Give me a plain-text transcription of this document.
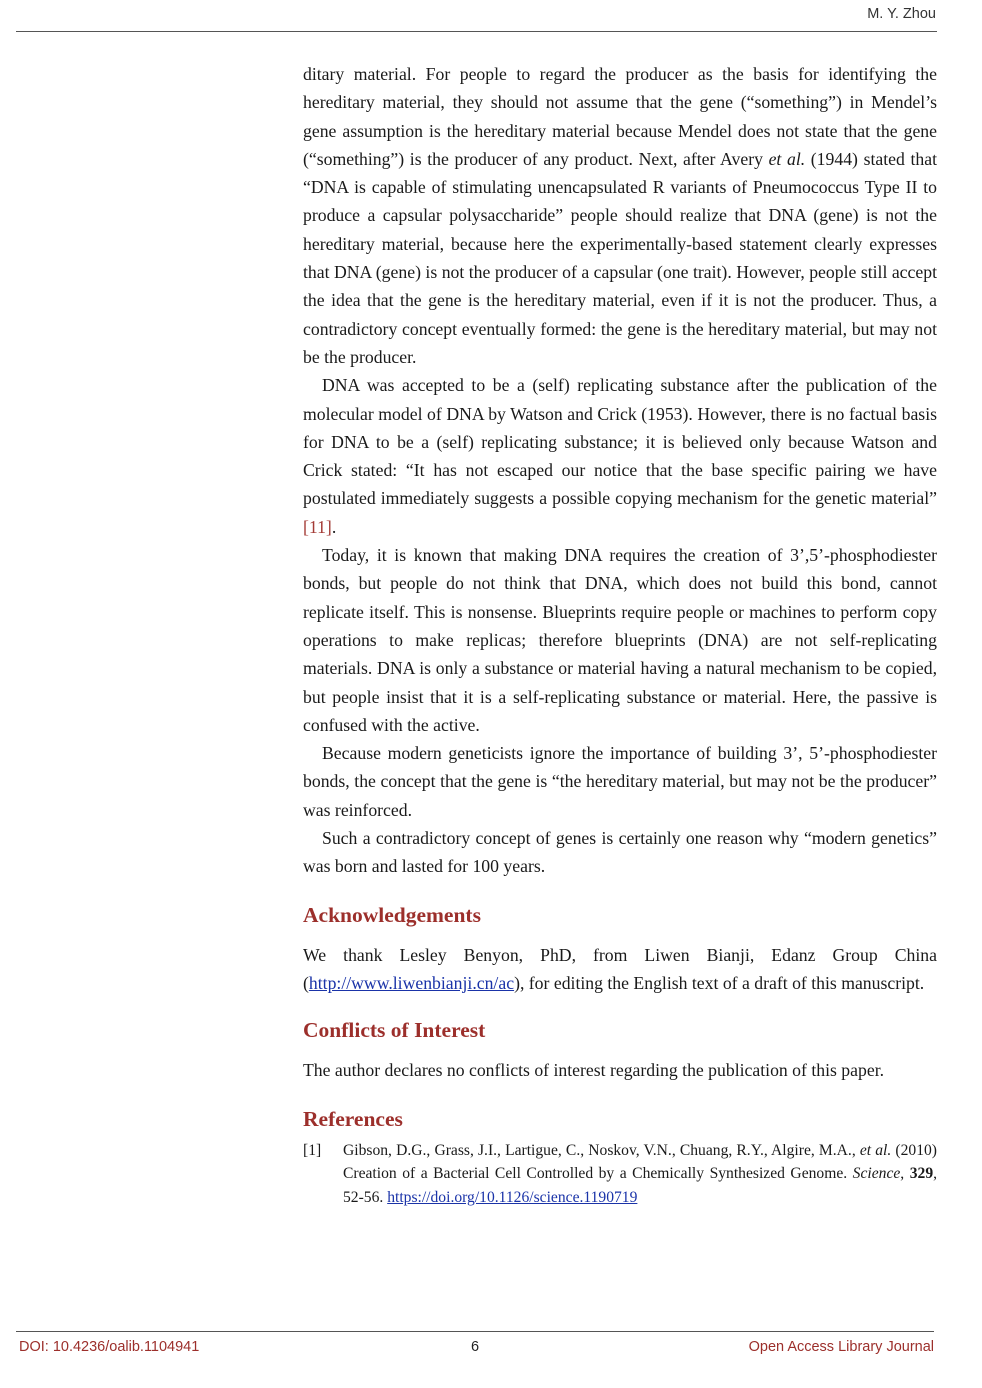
M. Y. Zhou

ditary material. For people to regard the producer as the basis for identifying the hereditary material, they should not assume that the gene (“something”) in Mendel’s gene assumption is the hereditary material because Mendel does not state that the gene (“something”) is the producer of any product. Next, after Avery et al. (1944) stated that “DNA is capable of stimulating unencapsulated R variants of Pneumococcus Type II to produce a capsular polysaccharide” people should realize that DNA (gene) is not the hereditary material, because here the experimentally-based statement clearly expresses that DNA (gene) is not the producer of a capsular (one trait). However, people still accept the idea that the gene is the hereditary material, even if it is not the producer. Thus, a contradictory concept eventually formed: the gene is the hereditary material, but may not be the producer.

DNA was accepted to be a (self) replicating substance after the publication of the molecular model of DNA by Watson and Crick (1953). However, there is no factual basis for DNA to be a (self) replicating substance; it is believed only because Watson and Crick stated: “It has not escaped our notice that the base specific pairing we have postulated immediately suggests a possible copying mechanism for the genetic material” [11].

Today, it is known that making DNA requires the creation of 3’,5’-phosphodiester bonds, but people do not think that DNA, which does not build this bond, cannot replicate itself. This is nonsense. Blueprints require people or machines to perform copy operations to make replicas; therefore blueprints (DNA) are not self-replicating materials. DNA is only a substance or material having a natural mechanism to be copied, but people insist that it is a self-replicating substance or material. Here, the passive is confused with the active.

Because modern geneticists ignore the importance of building 3’, 5’-phosphodiester bonds, the concept that the gene is “the hereditary material, but may not be the producer” was reinforced.

Such a contradictory concept of genes is certainly one reason why “modern genetics” was born and lasted for 100 years.

Acknowledgements

We thank Lesley Benyon, PhD, from Liwen Bianji, Edanz Group China (http://www.liwenbianji.cn/ac), for editing the English text of a draft of this manuscript.

Conflicts of Interest

The author declares no conflicts of interest regarding the publication of this paper.

References
[1]	Gibson, D.G., Grass, J.I., Lartigue, C., Noskov, V.N., Chuang, R.Y., Algire, M.A., et al. (2010) Creation of a Bacterial Cell Controlled by a Chemically Synthesized Genome. Science, 329, 52-56. https://doi.org/10.1126/science.1190719
DOI: 10.4236/oalib.1104941	6	Open Access Library Journal
